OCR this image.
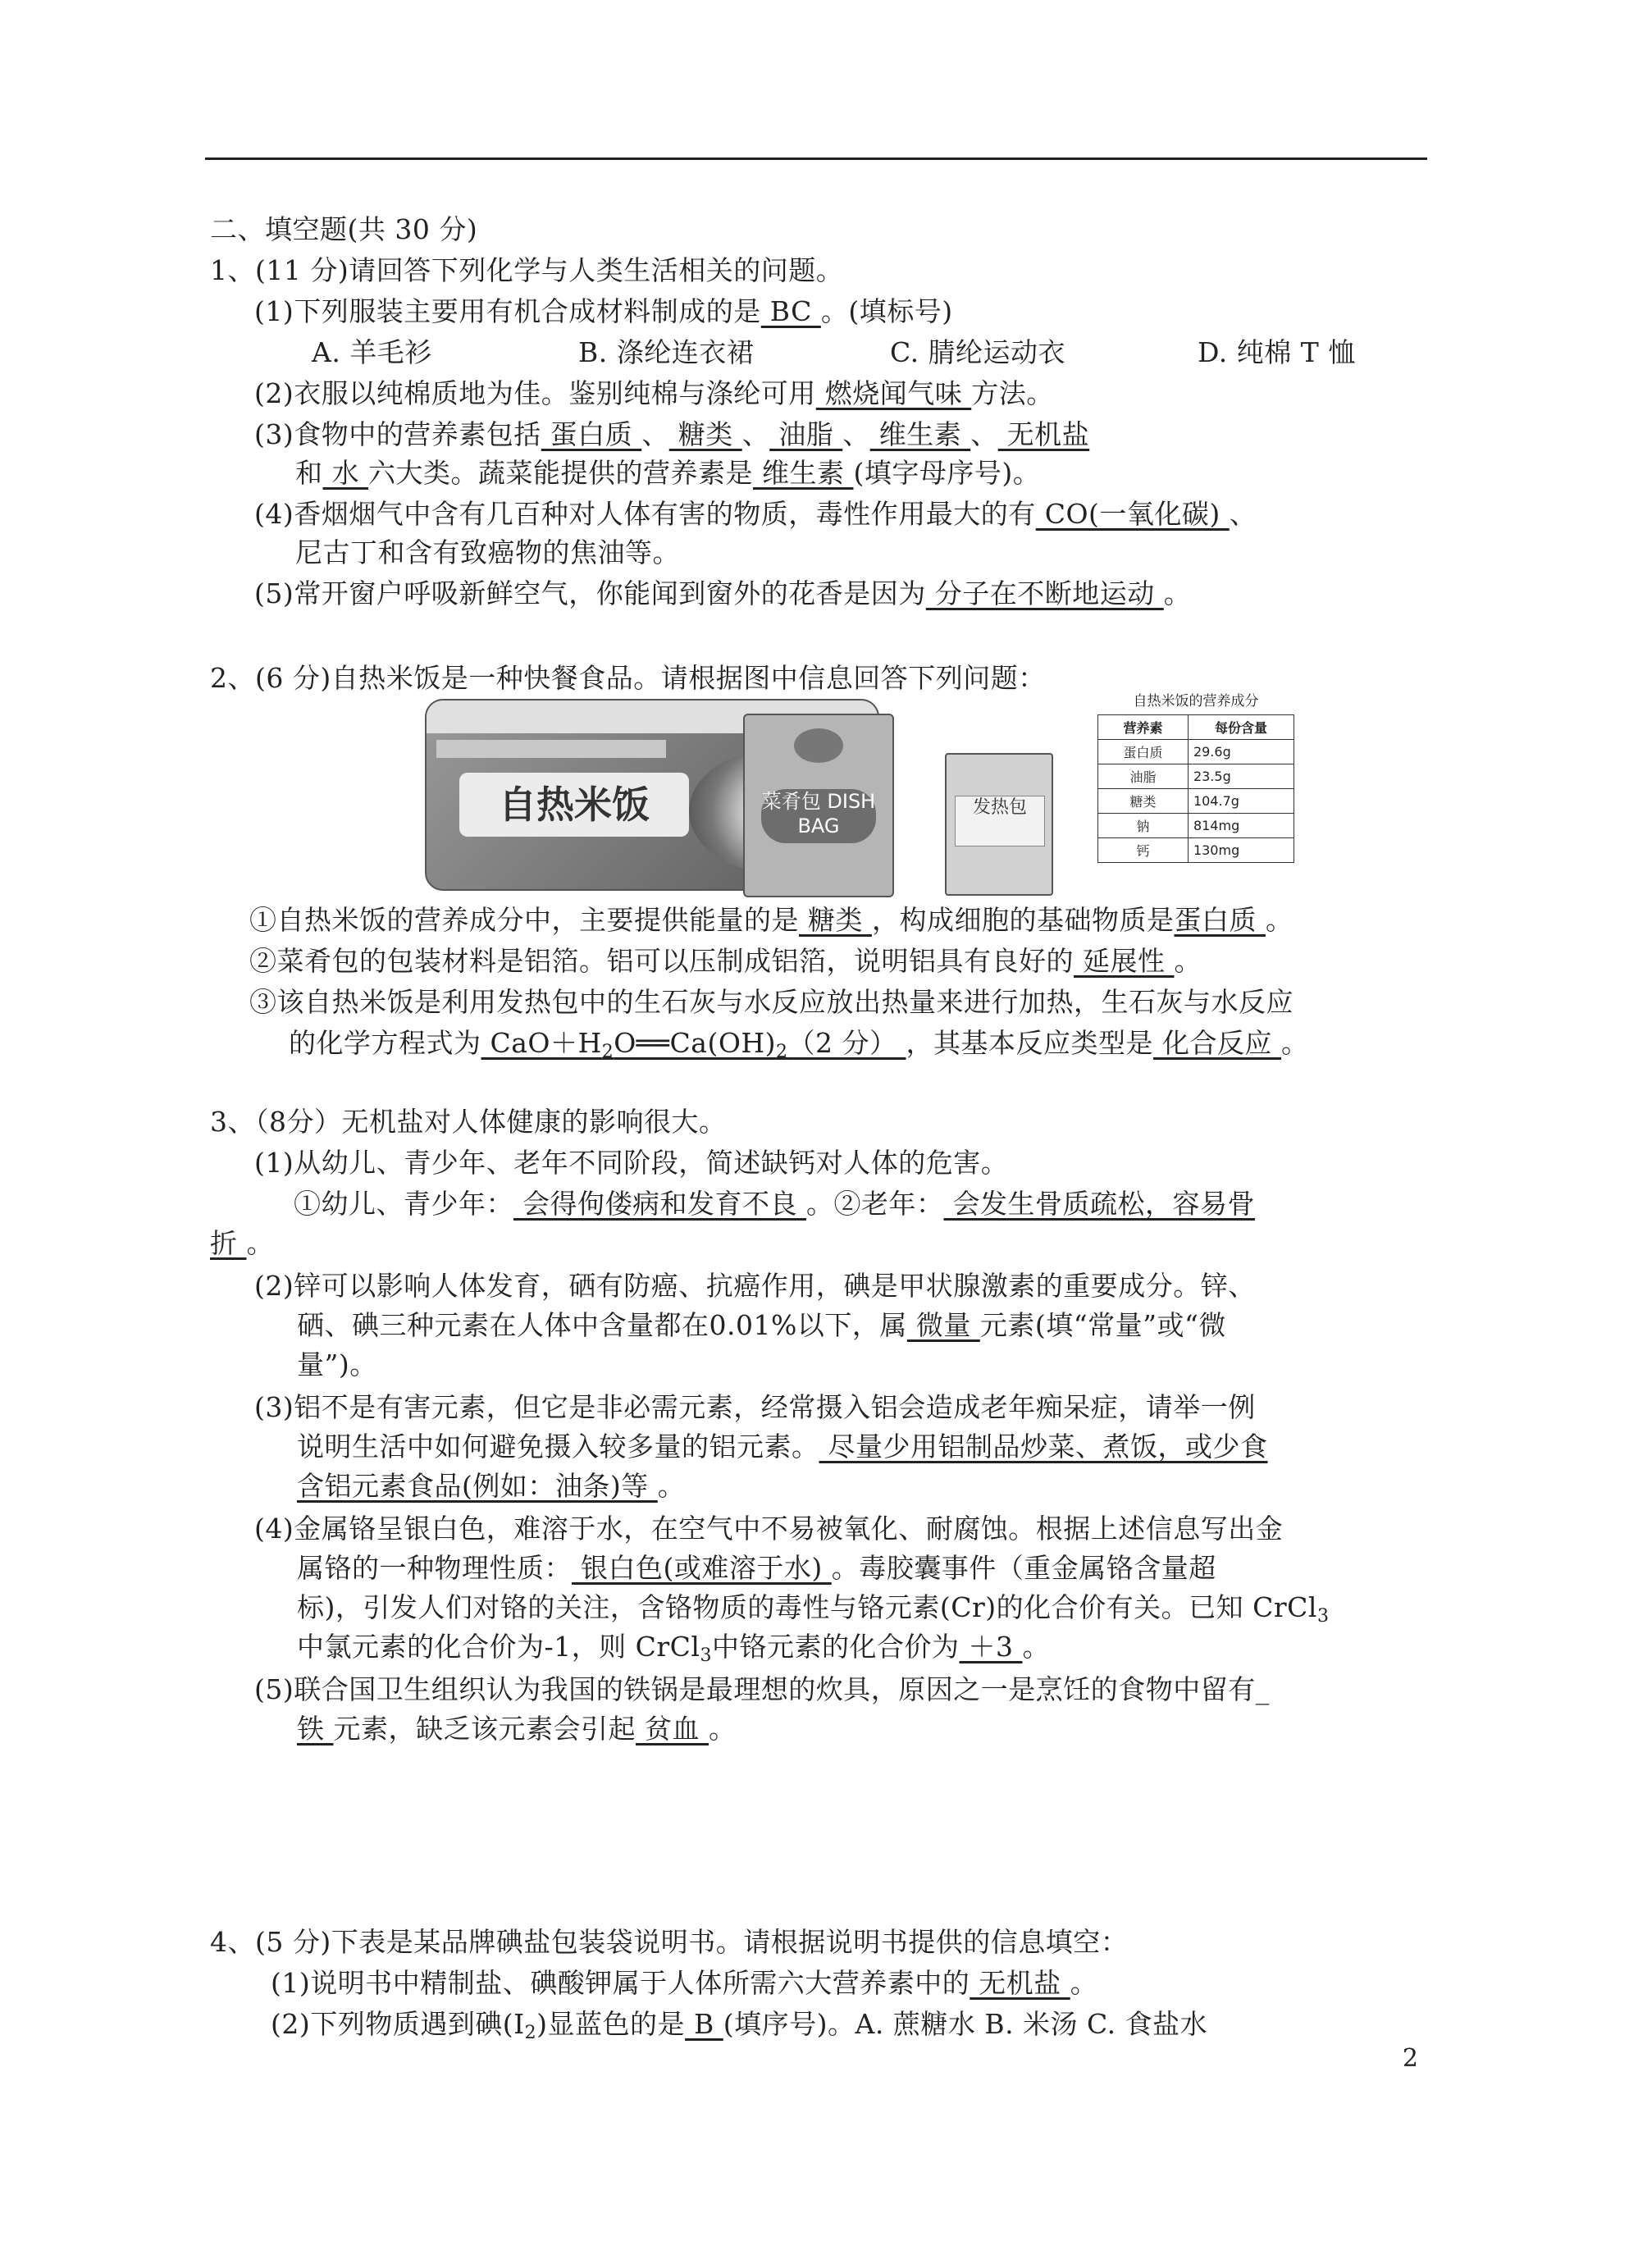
二、填空题(共 30 分)
1、(11 分)请回答下列化学与人类生活相关的问题。
(1)下列服装主要用有机合成材料制成的是 BC 。(填标号)
A. 羊毛衫	B. 涤纶连衣裙	C. 腈纶运动衣	D. 纯棉 T 恤
(2)衣服以纯棉质地为佳。鉴别纯棉与涤纶可用 燃烧闻气味 方法。
(3)食物中的营养素包括 蛋白质 、 糖类 、 油脂 、 维生素 、 无机盐
和 水 六大类。蔬菜能提供的营养素是 维生素 (填字母序号)。
(4)香烟烟气中含有几百种对人体有害的物质，毒性作用最大的有 CO(一氧化碳) 、
尼古丁和含有致癌物的焦油等。
(5)常开窗户呼吸新鲜空气，你能闻到窗外的花香是因为 分子在不断地运动 。
2、(6 分)自热米饭是一种快餐食品。请根据图中信息回答下列问题：
自热米饭	菜肴包 DISH BAG
发热包
自热米饭的营养成分
营养素	每份含量
蛋白质	29.6g
油脂	23.5g
糖类	104.7g
钠	814mg
钙	130mg
①自热米饭的营养成分中，主要提供能量的是 糖类 ，构成细胞的基础物质是蛋白质 。
②菜肴包的包装材料是铝箔。铝可以压制成铝箔，说明铝具有良好的 延展性 。
③该自热米饭是利用发热包中的生石灰与水反应放出热量来进行加热，生石灰与水反应
的化学方程式为 $CaO+H_2O══Ca(OH)_2(2$ 分） ，其基本反应类型是 化合反应 。
3、（8分）无机盐对人体健康的影响很大。
(1)从幼儿、青少年、老年不同阶段，简述缺钙对人体的危害。
①幼儿、青少年： 会得佝偻病和发育不良 。②老年： 会发生骨质疏松，容易骨
折 。
(2)锌可以影响人体发育，硒有防癌、抗癌作用，碘是甲状腺激素的重要成分。锌、
硒、碘三种元素在人体中含量都在0.01%以下，属 微量 元素(填“常量”或“微
量”)。
(3)铝不是有害元素，但它是非必需元素，经常摄入铝会造成老年痴呆症，请举一例
说明生活中如何避免摄入较多量的铝元素。 尽量少用铝制品炒菜、煮饭，或少食
含铝元素食品(例如：油条)等 。
(4)金属铬呈银白色，难溶于水，在空气中不易被氧化、耐腐蚀。根据上述信息写出金
属铬的一种物理性质： 银白色(或难溶于水) 。毒胶囊事件（重金属铬含量超
标)，引发人们对铬的关注，含铬物质的毒性与铬元素(Cr)的化合价有关。已知 CrCl$_3$
中氯元素的化合价为-1，则 CrCl$_3$中铬元素的化合价为 ＋3 。
(5)联合国卫生组织认为我国的铁锅是最理想的炊具，原因之一是烹饪的食物中留有_
铁 元素，缺乏该元素会引起 贫血 。
4、(5 分)下表是某品牌碘盐包装袋说明书。请根据说明书提供的信息填空：
(1)说明书中精制盐、碘酸钾属于人体所需六大营养素中的 无机盐 。
(2)下列物质遇到碘$(I_2)$显蓝色的是 B (填序号)。A. 蔗糖水 B. 米汤 C. 食盐水
2
